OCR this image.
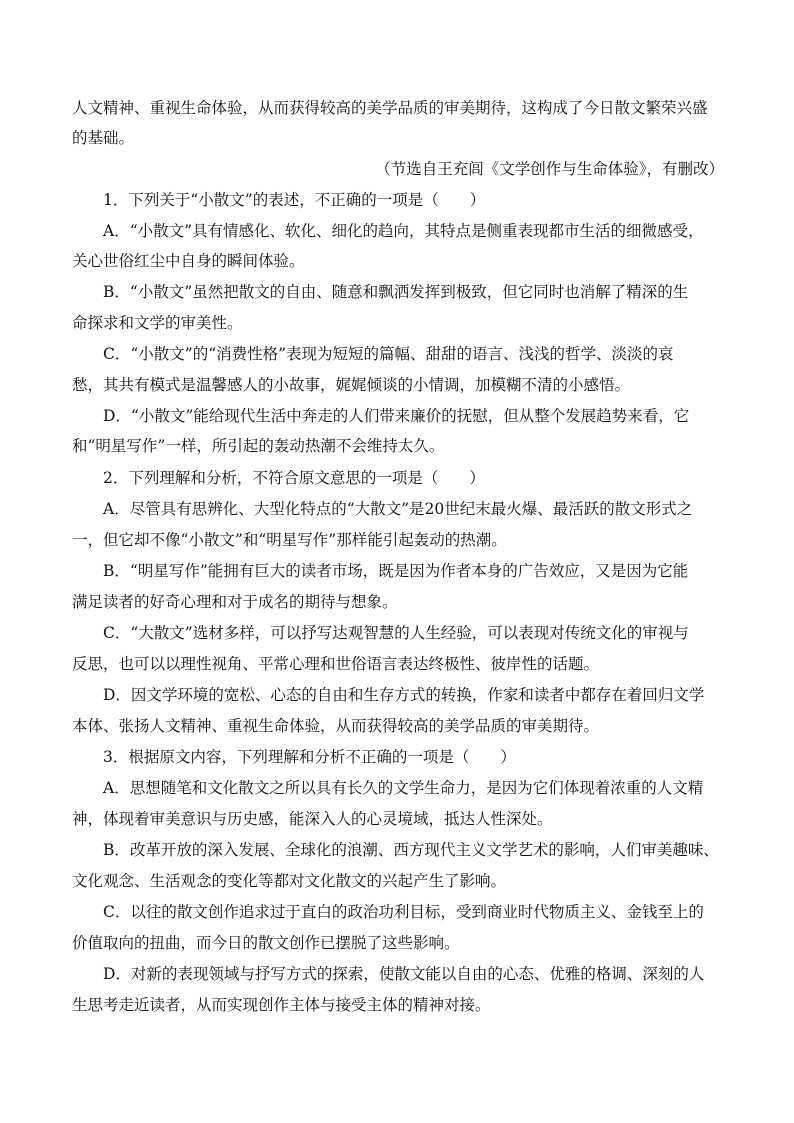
人文精神、重视生命体验，从而获得较高的美学品质的审美期待，这构成了今日散文繁荣兴盛
的基础。
（节选自王充闾《文学创作与生命体验》，有删改）
　　1．下列关于“小散文”的表述，不正确的一项是（　　）
　　A．“小散文”具有情感化、软化、细化的趋向，其特点是侧重表现都市生活的细微感受，
关心世俗红尘中自身的瞬间体验。
　　B．“小散文”虽然把散文的自由、随意和飘洒发挥到极致，但它同时也消解了精深的生
命探求和文学的审美性。
　　C．“小散文”的“消费性格”表现为短短的篇幅、甜甜的语言、浅浅的哲学、淡淡的哀
愁，其共有模式是温馨感人的小故事，娓娓倾谈的小情调，加模糊不清的小感悟。
　　D．“小散文”能给现代生活中奔走的人们带来廉价的抚慰，但从整个发展趋势来看，它
和“明星写作”一样，所引起的轰动热潮不会维持太久。
　　2．下列理解和分析，不符合原文意思的一项是（　　）
　　A．尽管具有思辨化、大型化特点的“大散文”是20世纪末最火爆、最活跃的散文形式之
一，但它却不像“小散文”和“明星写作”那样能引起轰动的热潮。
　　B．“明星写作”能拥有巨大的读者市场，既是因为作者本身的广告效应，又是因为它能
满足读者的好奇心理和对于成名的期待与想象。
　　C．“大散文”选材多样，可以抒写达观智慧的人生经验，可以表现对传统文化的审视与
反思，也可以以理性视角、平常心理和世俗语言表达终极性、彼岸性的话题。
　　D．因文学环境的宽松、心态的自由和生存方式的转换，作家和读者中都存在着回归文学
本体、张扬人文精神、重视生命体验，从而获得较高的美学品质的审美期待。
　　3．根据原文内容，下列理解和分析不正确的一项是（　　）
　　A．思想随笔和文化散文之所以具有长久的文学生命力，是因为它们体现着浓重的人文精
神，体现着审美意识与历史感，能深入人的心灵境域，抵达人性深处。
　　B．改革开放的深入发展、全球化的浪潮、西方现代主义文学艺术的影响，人们审美趣味、
文化观念、生活观念的变化等都对文化散文的兴起产生了影响。
　　C．以往的散文创作追求过于直白的政治功利目标，受到商业时代物质主义、金钱至上的
价值取向的扭曲，而今日的散文创作已摆脱了这些影响。
　　D．对新的表现领域与抒写方式的探索，使散文能以自由的心态、优雅的格调、深刻的人
生思考走近读者，从而实现创作主体与接受主体的精神对接。
